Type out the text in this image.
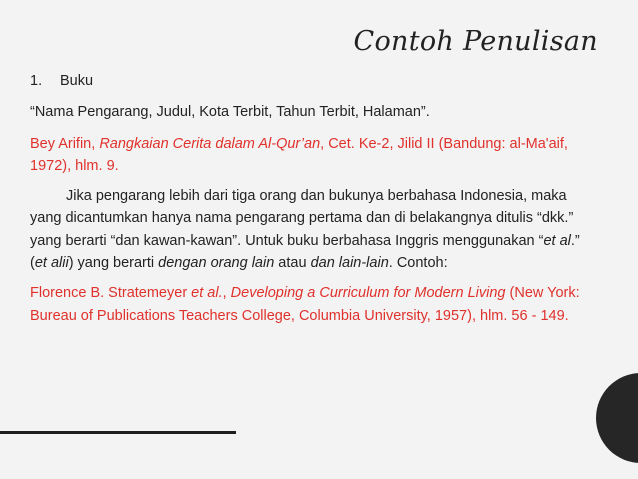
Contoh Penulisan

1. Buku

“Nama Pengarang, Judul, Kota Terbit, Tahun Terbit, Halaman”.

Bey Arifin, Rangkaian Cerita dalam Al-Qur’an, Cet. Ke-2, Jilid II (Bandung: al-Ma'aif, 1972), hlm. 9.

Jika pengarang lebih dari tiga orang dan bukunya berbahasa Indonesia, maka yang dicantumkan hanya nama pengarang pertama dan di belakangnya ditulis “dkk.” yang berarti “dan kawan-kawan”. Untuk buku berbahasa Inggris menggunakan “et al.” (et alii) yang berarti dengan orang lain atau dan lain-lain. Contoh:

Florence B. Stratemeyer et al., Developing a Curriculum for Modern Living (New York: Bureau of Publications Teachers College, Columbia University, 1957), hlm. 56 - 149.
